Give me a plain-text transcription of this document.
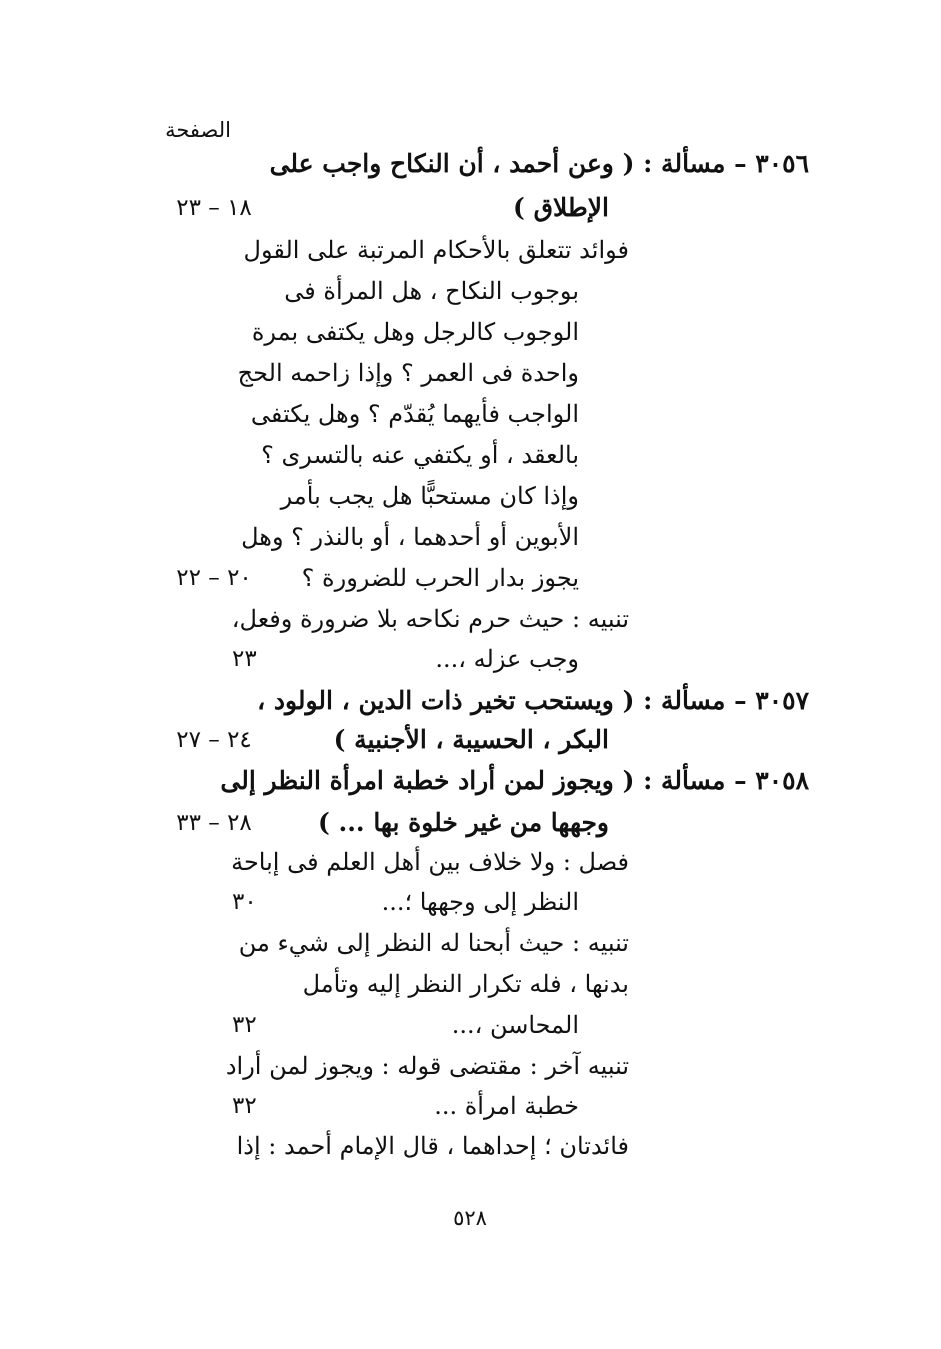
الصفحة
٣٠٥٦ – مسألة : ( وعن أحمد ، أن النكاح واجب على
الإطلاق )
١٨ – ٢٣
فوائد تتعلق بالأحكام المرتبة على القول
بوجوب النكاح ، هل المرأة فى
الوجوب كالرجل وهل يكتفى بمرة
واحدة فى العمر ؟ وإذا زاحمه الحج
الواجب فأيهما يُقدّم ؟ وهل يكتفى
بالعقد ، أو يكتفي عنه بالتسرى ؟
وإذا كان مستحبًّا هل يجب بأمر
الأبوين أو أحدهما ، أو بالنذر ؟ وهل
يجوز بدار الحرب للضرورة ؟
٢٠ – ٢٢
تنبيه : حيث حرم نكاحه بلا ضرورة وفعل،
وجب عزله ،...
٢٣
٣٠٥٧ – مسألة : ( ويستحب تخير ذات الدين ، الولود ،
البكر ، الحسيبة ، الأجنبية )
٢٤ – ٢٧
٣٠٥٨ – مسألة : ( ويجوز لمن أراد خطبة امرأة النظر إلى
وجهها من غير خلوة بها ... )
٢٨ – ٣٣
فصل : ولا خلاف بين أهل العلم فى إباحة
النظر إلى وجهها ؛...
٣٠
تنبيه : حيث أبحنا له النظر إلى شيء من
بدنها ، فله تكرار النظر إليه وتأمل
المحاسن ،...
٣٢
تنبيه آخر : مقتضى قوله : ويجوز لمن أراد
خطبة امرأة ...
٣٢
فائدتان ؛ إحداهما ، قال الإمام أحمد : إذا
٥٢٨
